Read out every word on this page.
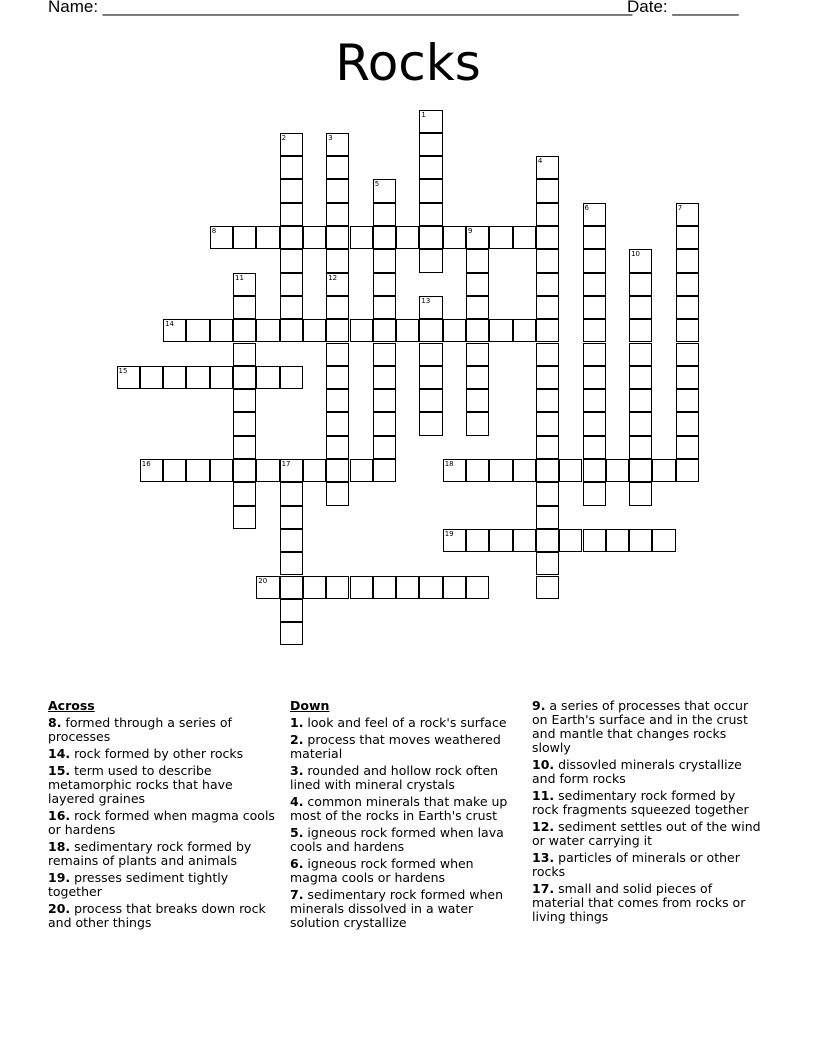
Name: ________________________________________________________
Date: _______
Rocks
1
2	3
4
5
6	7
8	9
10
11	12
13
14
15
16	17	18
19
20
Across
8. formed through a series of processes
14. rock formed by other rocks
15. term used to describe metamorphic rocks that have layered graines
16. rock formed when magma cools or hardens
18. sedimentary rock formed by remains of plants and animals
19. presses sediment tightly together
20. process that breaks down rock and other things
Down
1. look and feel of a rock's surface
2. process that moves weathered material
3. rounded and hollow rock often lined with mineral crystals
4. common minerals that make up most of the rocks in Earth's crust
5. igneous rock formed when lava cools and hardens
6. igneous rock formed when magma cools or hardens
7. sedimentary rock formed when minerals dissolved in a water solution crystallize
9. a series of processes that occur on Earth's surface and in the crust and mantle that changes rocks slowly
10. dissovled minerals crystallize and form rocks
11. sedimentary rock formed by rock fragments squeezed together
12. sediment settles out of the wind or water carrying it
13. particles of minerals or other rocks
17. small and solid pieces of material that comes from rocks or living things
